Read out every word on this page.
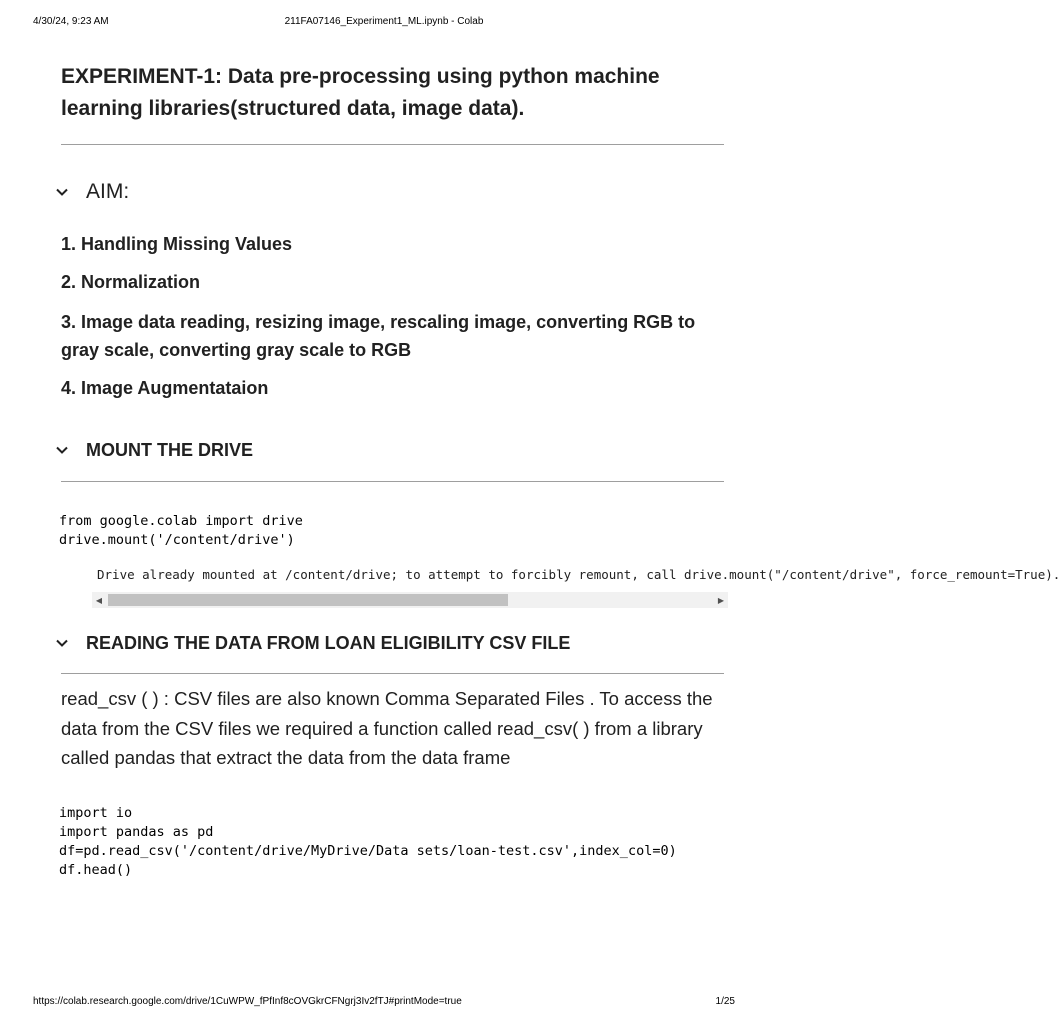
4/30/24, 9:23 AM	211FA07146_Experiment1_ML.ipynb - Colab
EXPERIMENT-1: Data pre-processing using python machine learning libraries(structured data, image data).
AIM:

1. Handling Missing Values

2. Normalization

3. Image data reading, resizing image, rescaling image, converting RGB to gray scale, converting gray scale to RGB

4. Image Augmentataion

MOUNT THE DRIVE
from google.colab import drive
drive.mount('/content/drive')
Drive already mounted at /content/drive; to attempt to forcibly remount, call drive.mount("/content/drive", force_remount=True).
◀	▶
READING THE DATA FROM LOAN ELIGIBILITY CSV FILE

read_csv ( ) : CSV files are also known Comma Separated Files . To access the data from the CSV files we required a function called read_csv( ) from a library called pandas that extract the data from the data frame

import io
import pandas as pd
df=pd.read_csv('/content/drive/MyDrive/Data sets/loan-test.csv',index_col=0)
df.head()
https://colab.research.google.com/drive/1CuWPW_fPfInf8cOVGkrCFNgrj3Iv2fTJ#printMode=true	1/25
